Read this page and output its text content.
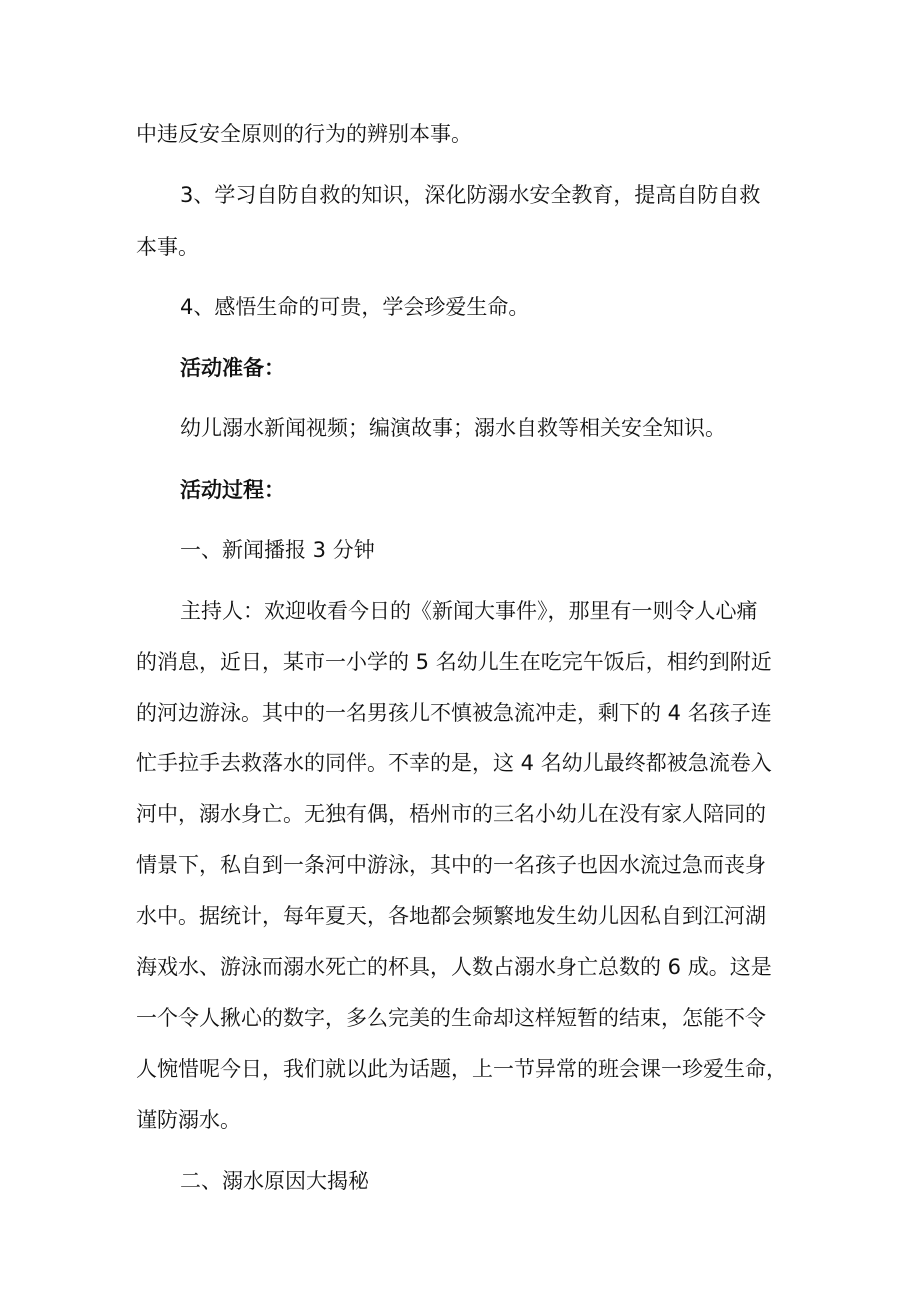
中违反安全原则的行为的辨别本事。

3、学习自防自救的知识，深化防溺水安全教育，提高自防自救

本事。

4、感悟生命的可贵，学会珍爱生命。

活动准备：

幼儿溺水新闻视频；编演故事；溺水自救等相关安全知识。

活动过程：

一、新闻播报 3 分钟

主持人：欢迎收看今日的《新闻大事件》，那里有一则令人心痛
的消息，近日，某市一小学的 5 名幼儿生在吃完午饭后，相约到附近
的河边游泳。其中的一名男孩儿不慎被急流冲走，剩下的 4 名孩子连
忙手拉手去救落水的同伴。不幸的是，这 4 名幼儿最终都被急流卷入
河中，溺水身亡。无独有偶，梧州市的三名小幼儿在没有家人陪同的
情景下，私自到一条河中游泳，其中的一名孩子也因水流过急而丧身
水中。据统计，每年夏天，各地都会频繁地发生幼儿因私自到江河湖
海戏水、游泳而溺水死亡的杯具，人数占溺水身亡总数的 6 成。这是
一个令人揪心的数字，多么完美的生命却这样短暂的结束，怎能不令
人惋惜呢今日，我们就以此为话题，上一节异常的班会课一珍爱生命，
谨防溺水。

二、溺水原因大揭秘
